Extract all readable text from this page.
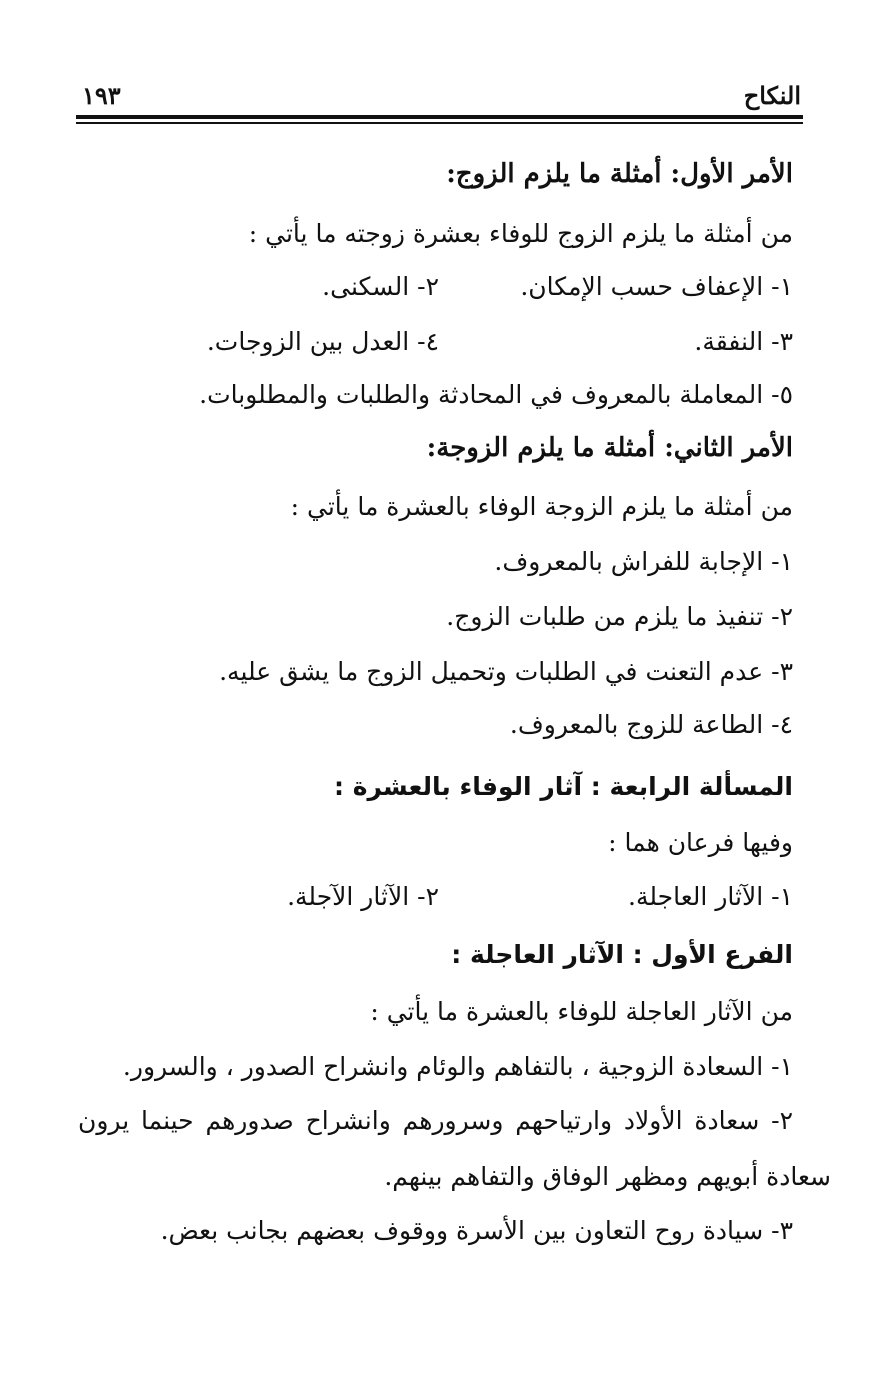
النكاح
١٩٣
الأمر الأول: أمثلة ما يلزم الزوج:
من أمثلة ما يلزم الزوج للوفاء بعشرة زوجته ما يأتي :
١- الإعفاف حسب الإمكان.
٢- السكنى.
٣- النفقة.
٤- العدل بين الزوجات.
٥- المعاملة بالمعروف في المحادثة والطلبات والمطلوبات.
الأمر الثاني: أمثلة ما يلزم الزوجة:
من أمثلة ما يلزم الزوجة الوفاء بالعشرة ما يأتي :
١- الإجابة للفراش بالمعروف.
٢- تنفيذ ما يلزم من طلبات الزوج.
٣- عدم التعنت في الطلبات وتحميل الزوج ما يشق عليه.
٤- الطاعة للزوج بالمعروف.
المسألة الرابعة : آثار الوفاء بالعشرة :
وفيها فرعان هما :
١- الآثار العاجلة.
٢- الآثار الآجلة.
الفرع الأول : الآثار العاجلة :
من الآثار العاجلة للوفاء بالعشرة ما يأتي :
١- السعادة الزوجية ، بالتفاهم والوئام وانشراح الصدور ، والسرور.
٢- سعادة الأولاد وارتياحهم وسرورهم وانشراح صدورهم حينما يرون
سعادة أبويهم ومظهر الوفاق والتفاهم بينهم.
٣- سيادة روح التعاون بين الأسرة ووقوف بعضهم بجانب بعض.
